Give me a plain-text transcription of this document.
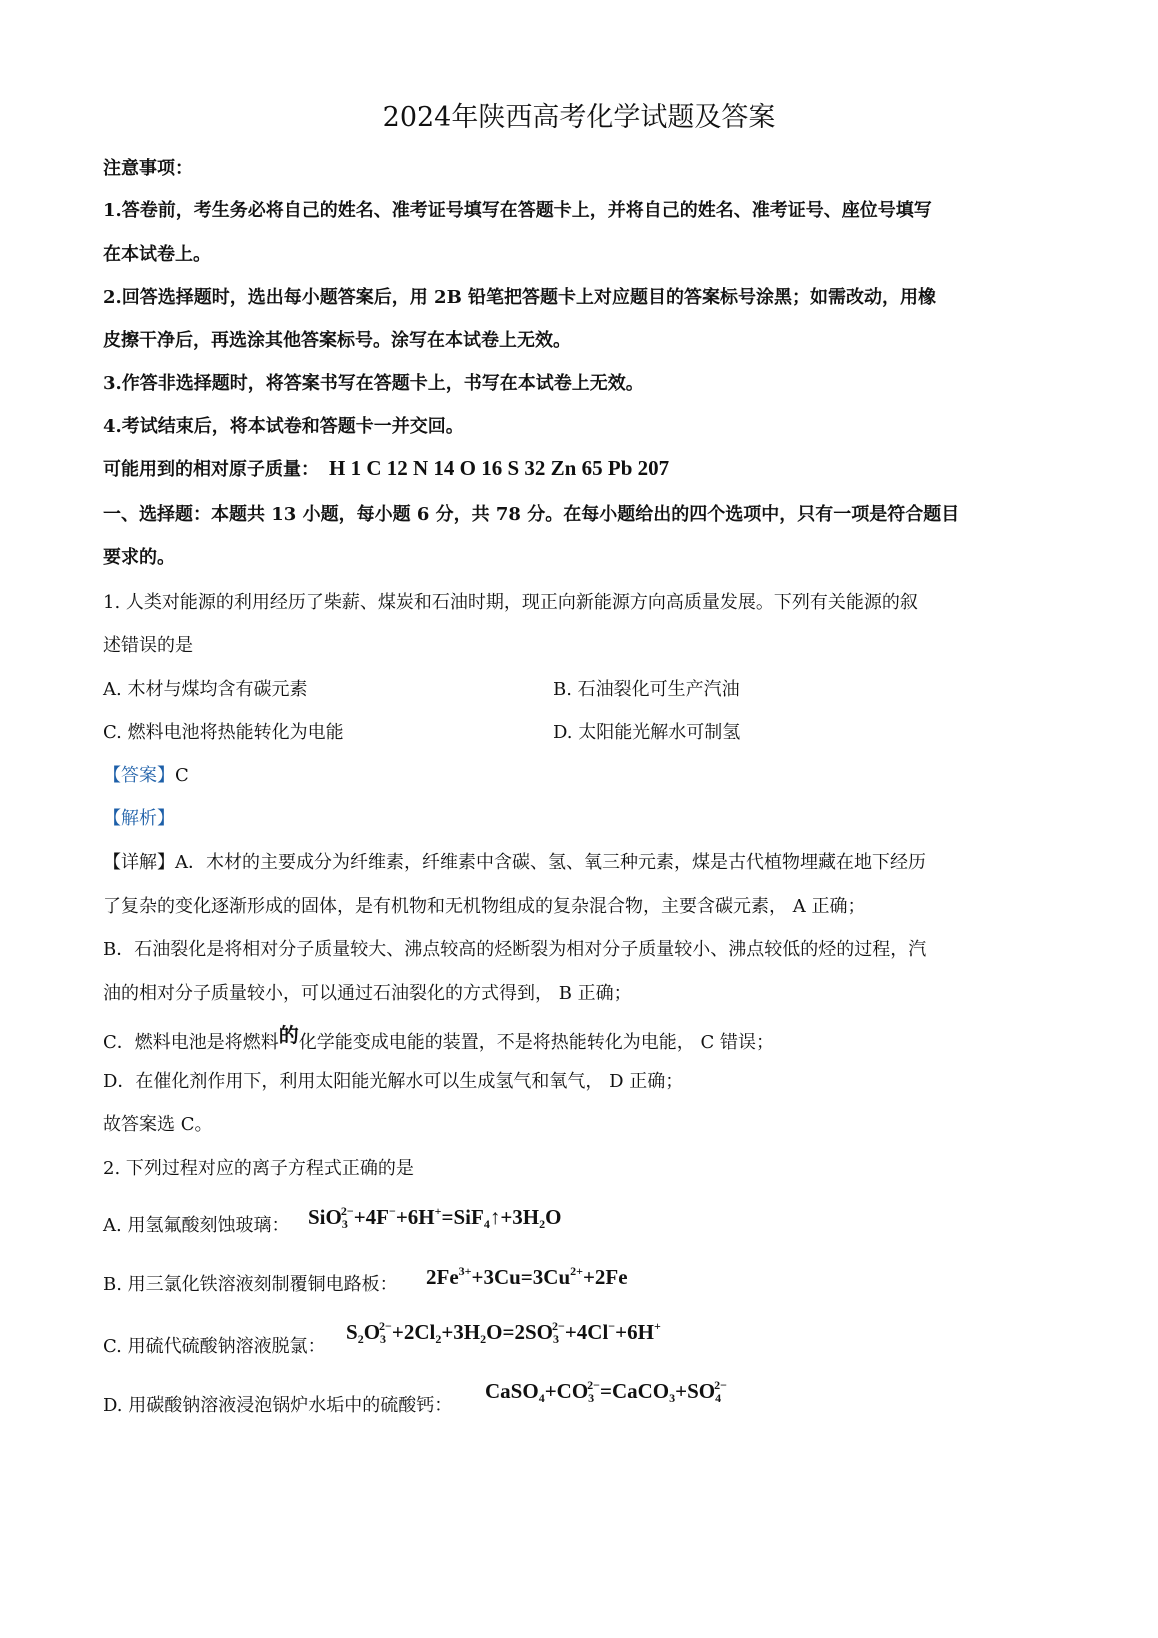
2024年陕西高考化学试题及答案
注意事项：
1.答卷前，考生务必将自己的姓名、准考证号填写在答题卡上，并将自己的姓名、准考证号、座位号填写
在本试卷上。
2.回答选择题时，选出每小题答案后，用 2B 铅笔把答题卡上对应题目的答案标号涂黑；如需改动，用橡
皮擦干净后，再选涂其他答案标号。涂写在本试卷上无效。
3.作答非选择题时，将答案书写在答题卡上，书写在本试卷上无效。
4.考试结束后，将本试卷和答题卡一并交回。
可能用到的相对原子质量： H 1 C 12 N 14 O 16 S 32 Zn 65 Pb 207
一、选择题：本题共 13 小题，每小题 6 分，共 78 分。在每小题给出的四个选项中，只有一项是符合题目
要求的。
1. 人类对能源的利用经历了柴薪、煤炭和石油时期，现正向新能源方向高质量发展。下列有关能源的叙
述错误的是
A. 木材与煤均含有碳元素	B. 石油裂化可生产汽油
C. 燃料电池将热能转化为电能	D. 太阳能光解水可制氢
【答案】C
【解析】
【详解】A．木材的主要成分为纤维素，纤维素中含碳、氢、氧三种元素，煤是古代植物埋藏在地下经历
了复杂的变化逐渐形成的固体，是有机物和无机物组成的复杂混合物，主要含碳元素， A 正确；
B．石油裂化是将相对分子质量较大、沸点较高的烃断裂为相对分子质量较小、沸点较低的烃的过程，汽
油的相对分子质量较小，可以通过石油裂化的方式得到， B 正确；
C．燃料电池是将燃料的化学能变成电能的装置，不是将热能转化为电能， C 错误；
D．在催化剂作用下，利用太阳能光解水可以生成氢气和氧气， D 正确；
故答案选 C。
2. 下列过程对应的离子方程式正确的是
A. 用氢氟酸刻蚀玻璃： $SiO_3^{2-}+4F^-+6H^+=SiF_4↑+3H_2O$
B. 用三氯化铁溶液刻制覆铜电路板： $2Fe^{3+}+3Cu=3Cu^{2+}+2Fe$
C. 用硫代硫酸钠溶液脱氯：
$S_2O_3^{2-}+2Cl_2+3H_2O=2SO_3^{2-}+4Cl^-+6H^+$
D. 用碳酸钠溶液浸泡锅炉水垢中的硫酸钙：
$CaSO_4+CO_3^{2-}=CaCO_3+SO_4^{2-}$
